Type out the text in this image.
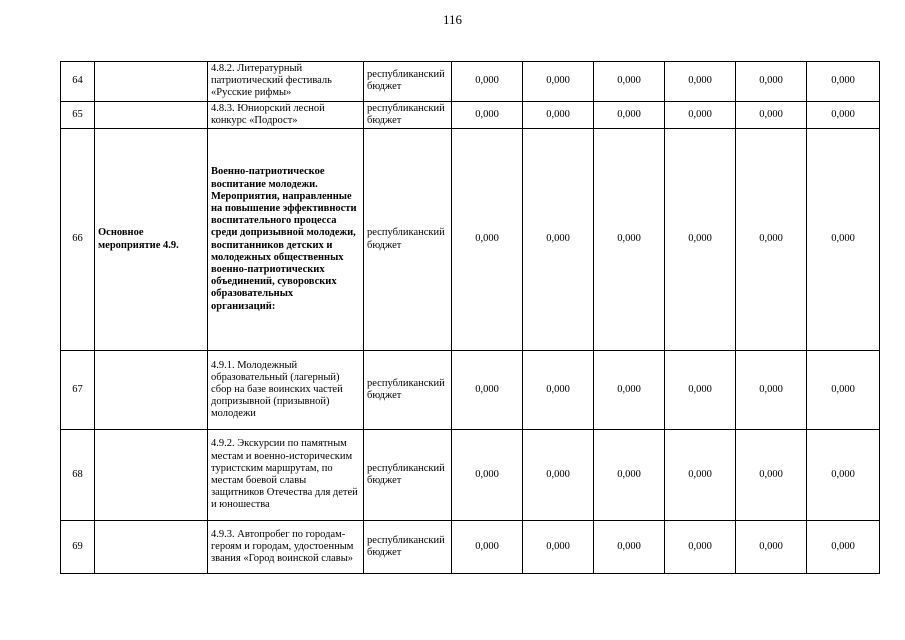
116
64		4.8.2. Литературный патриотический фестиваль «Русские рифмы»	республиканский бюджет	0,000	0,000	0,000	0,000	0,000	0,000
65		4.8.3. Юниорский лесной конкурс «Подрост»	республиканский бюджет	0,000	0,000	0,000	0,000	0,000	0,000
66	Основное мероприятие 4.9.	Военно-патриотическое воспитание молодежи. Мероприятия, направленные на повышение эффективности воспитательного процесса среди допризывной молодежи, воспитанников детских и молодежных общественных военно-патриотических объединений, суворовских образовательных организаций:	республиканский бюджет	0,000	0,000	0,000	0,000	0,000	0,000
67		4.9.1. Молодежный образовательный (лагерный) сбор на базе воинских частей допризывной (призывной) молодежи	республиканский бюджет	0,000	0,000	0,000	0,000	0,000	0,000
68		4.9.2. Экскурсии по памятным местам и военно-историческим туристским маршрутам, по местам боевой славы защитников Отечества для детей и юношества	республиканский бюджет	0,000	0,000	0,000	0,000	0,000	0,000
69		4.9.3. Автопробег по городам-героям и городам, удостоенным звания «Город воинской славы»	республиканский бюджет	0,000	0,000	0,000	0,000	0,000	0,000
